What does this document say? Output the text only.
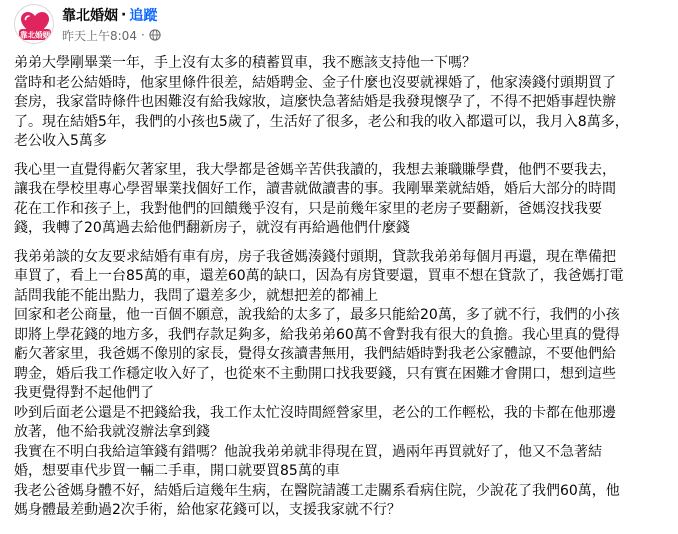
靠北婚姻
靠北婚姻 · 追蹤
昨天上午8:04 ·
弟弟大學剛畢業一年，手上沒有太多的積蓄買車，我不應該支持他一下嗎？
當時和老公結婚時，他家里條件很差，結婚聘金、金子什麼也沒要就裸婚了，他家湊錢付頭期買了
套房，我家當時條件也困難沒有給我嫁妝，這麼快急著結婚是我發現懷孕了，不得不把婚事趕快辦
了。現在結婚5年，我們的小孩也5歲了，生活好了很多，老公和我的收入都還可以，我月入8萬多，
老公收入5萬多
我心里一直覺得虧欠著家里，我大學都是爸媽辛苦供我讀的，我想去兼職賺學費，他們不要我去，
讓我在學校里專心學習畢業找個好工作，讀書就做讀書的事。我剛畢業就結婚，婚后大部分的時間
花在工作和孩子上，我對他們的回饋幾乎沒有，只是前幾年家里的老房子要翻新，爸媽沒找我要
錢，我轉了20萬過去給他們翻新房子，就沒有再給過他們什麼錢
我弟弟談的女友要求結婚有車有房，房子我爸媽湊錢付頭期，貸款我弟弟每個月再還，現在準備把
車買了，看上一台85萬的車，還差60萬的缺口，因為有房貸要還，買車不想在貸款了，我爸媽打電
話問我能不能出點力，我問了還差多少，就想把差的都補上
回家和老公商量，他一百個不願意，說我給的太多了，最多只能給20萬，多了就不行，我們的小孩
即將上學花錢的地方多，我們存款足夠多，給我弟弟60萬不會對我有很大的負擔。我心里真的覺得
虧欠著家里，我爸媽不像別的家長，覺得女孩讀書無用，我們結婚時對我老公家體諒，不要他們給
聘金，婚后我工作穩定收入好了，也從來不主動開口找我要錢，只有實在困難才會開口，想到這些
我更覺得對不起他們了
吵到后面老公還是不把錢給我，我工作太忙沒時間經營家里，老公的工作輕松，我的卡都在他那邊
放著，他不給我就沒辦法拿到錢
我實在不明白我給這筆錢有錯嗎？他說我弟弟就非得現在買，過兩年再買就好了，他又不急著結
婚，想要車代步買一輛二手車，開口就要買85萬的車
我老公爸媽身體不好，結婚后這幾年生病，在醫院請護工走關系看病住院，少說花了我們60萬，他
媽身體最差動過2次手術，給他家花錢可以，支援我家就不行？
